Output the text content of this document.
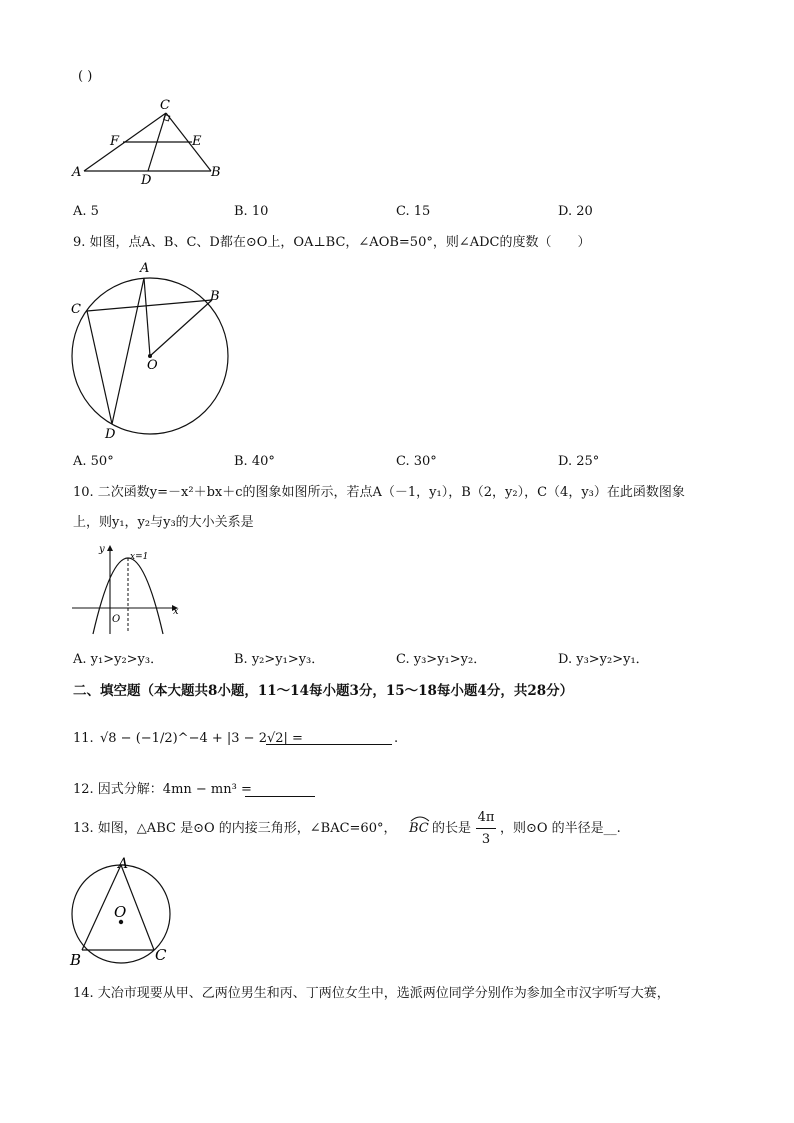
( )
C
F	E
A
D
B
A. 5	B. 10	C. 15	D. 20
9. 如图，点A、B、C、D都在⊙O上，OA⊥BC，∠AOB=50°，则∠ADC的度数（　　）
A
B
C
D
O
A. 50°	B. 40°	C. 30°	D. 25°
10. 二次函数y=－x²＋bx＋c的图象如图所示，若点A（－1，y₁），B（2，y₂），C（4，y₃）在此函数图象
上，则y₁，y₂与y₃的大小关系是
y
x
O
x=1
A. y₁>y₂>y₃．	B. y₂>y₁>y₃．	C. y₃>y₁>y₂．	D. y₃>y₂>y₁．
二、填空题（本大题共8小题，11～14每小题3分，15～18每小题4分，共28分）
11. √8 − (−1/2)^−4 + |3 − 2√2| =	.
12. 因式分解：4mn − mn³ =
13. 如图，△ABC 是⊙O 的内接三角形，∠BAC=60°， BC 的长是
4π
3
，则⊙O 的半径是__.
A
O
B	C
14. 大冶市现要从甲、乙两位男生和丙、丁两位女生中，选派两位同学分别作为参加全市汉字听写大赛，
